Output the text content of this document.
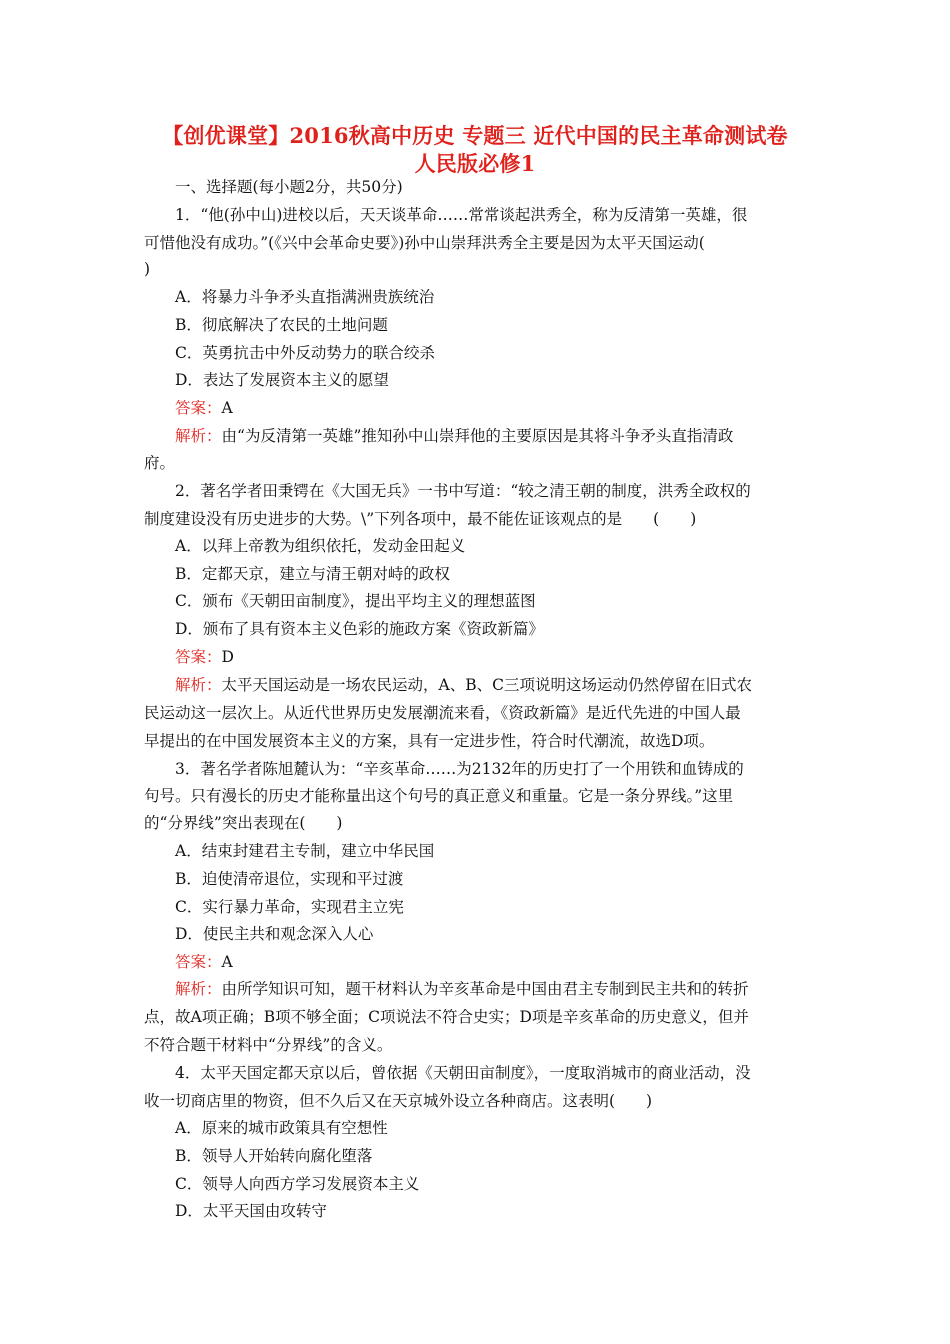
【创优课堂】2016秋高中历史 专题三 近代中国的民主革命测试卷
人民版必修1
一、选择题(每小题2分，共50分)
1．“他(孙中山)进校以后，天天谈革命……常常谈起洪秀全，称为反清第一英雄，很
可惜他没有成功。”(《兴中会革命史要》)孙中山崇拜洪秀全主要是因为太平天国运动(
)
A．将暴力斗争矛头直指满洲贵族统治
B．彻底解决了农民的土地问题
C．英勇抗击中外反动势力的联合绞杀
D．表达了发展资本主义的愿望
答案：A
解析：由“为反清第一英雄”推知孙中山崇拜他的主要原因是其将斗争矛头直指清政
府。
2．著名学者田秉锷在《大国无兵》一书中写道：“较之清王朝的制度，洪秀全政权的
制度建设没有历史进步的大势。\”下列各项中，最不能佐证该观点的是　　(　　)
A．以拜上帝教为组织依托，发动金田起义
B．定都天京，建立与清王朝对峙的政权
C．颁布《天朝田亩制度》，提出平均主义的理想蓝图
D．颁布了具有资本主义色彩的施政方案《资政新篇》
答案：D
解析：太平天国运动是一场农民运动，A、B、C三项说明这场运动仍然停留在旧式农
民运动这一层次上。从近代世界历史发展潮流来看，《资政新篇》是近代先进的中国人最
早提出的在中国发展资本主义的方案，具有一定进步性，符合时代潮流，故选D项。
3．著名学者陈旭麓认为：“辛亥革命……为2132年的历史打了一个用铁和血铸成的
句号。只有漫长的历史才能称量出这个句号的真正意义和重量。它是一条分界线。”这里
的“分界线”突出表现在(　　)
A．结束封建君主专制，建立中华民国
B．迫使清帝退位，实现和平过渡
C．实行暴力革命，实现君主立宪
D．使民主共和观念深入人心
答案：A
解析：由所学知识可知，题干材料认为辛亥革命是中国由君主专制到民主共和的转折
点，故A项正确；B项不够全面；C项说法不符合史实；D项是辛亥革命的历史意义，但并
不符合题干材料中“分界线”的含义。
4．太平天国定都天京以后，曾依据《天朝田亩制度》，一度取消城市的商业活动，没
收一切商店里的物资，但不久后又在天京城外设立各种商店。这表明(　　)
A．原来的城市政策具有空想性
B．领导人开始转向腐化堕落
C．领导人向西方学习发展资本主义
D．太平天国由攻转守
